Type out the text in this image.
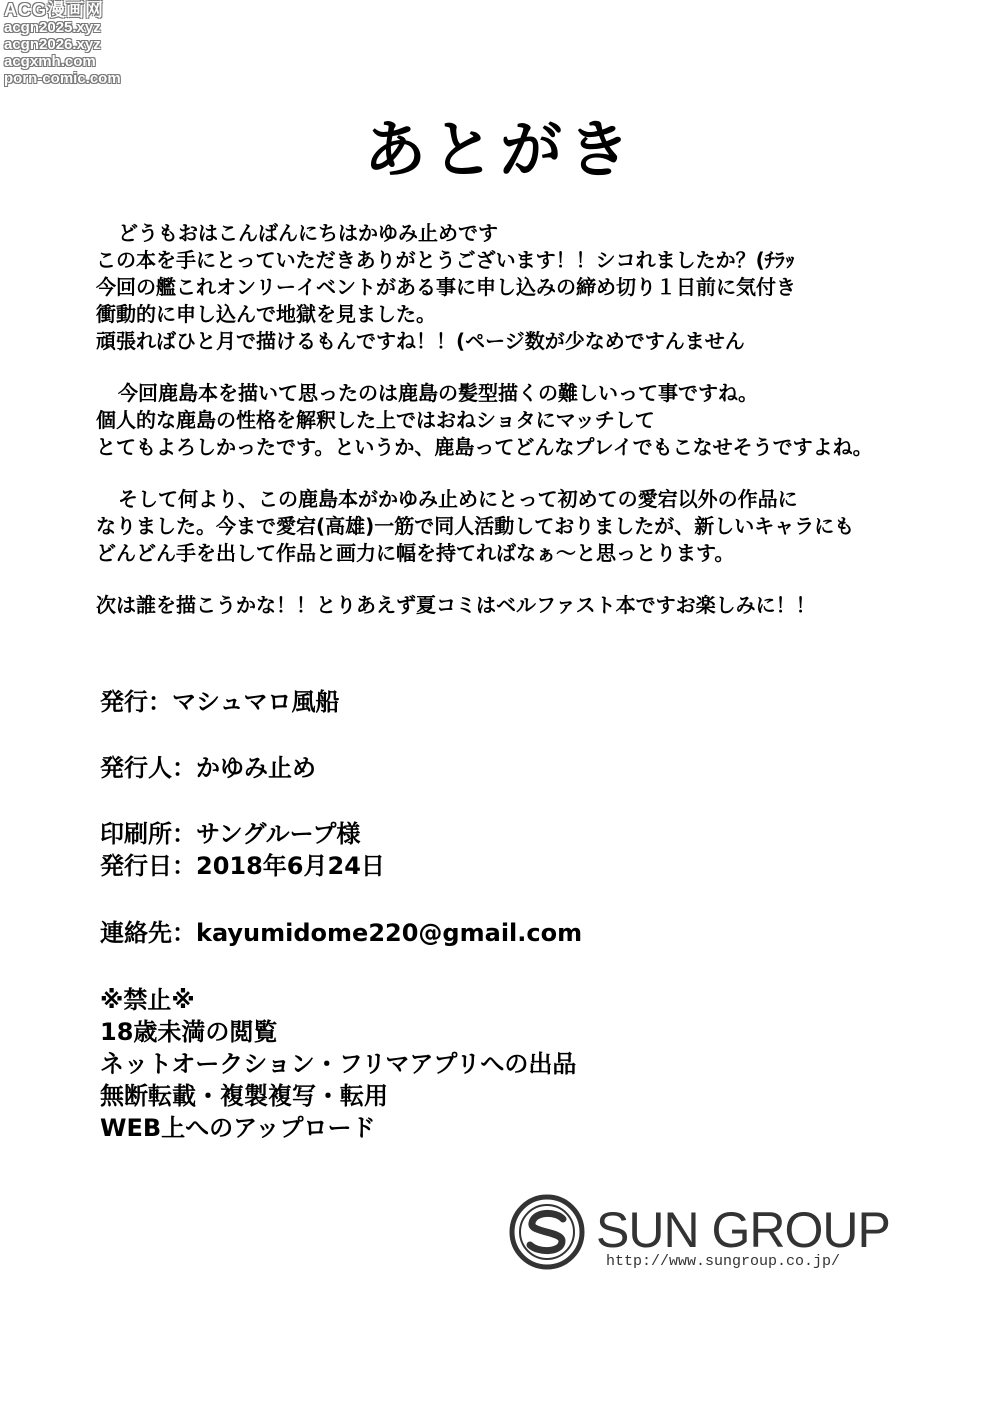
ACG漫画网
acgn2025.xyz
acgn2026.xyz
acgxmh.com
porn-comic.com
あとがき
どうもおはこんばんにちはかゆみ止めです
この本を手にとっていただきありがとうございます！！シコれましたか？(ﾁﾗｯ
今回の艦これオンリーイベントがある事に申し込みの締め切り１日前に気付き
衝動的に申し込んで地獄を見ました。
頑張ればひと月で描けるもんですね！！(ページ数が少なめですんません
今回鹿島本を描いて思ったのは鹿島の髪型描くの難しいって事ですね。
個人的な鹿島の性格を解釈した上ではおねショタにマッチして
とてもよろしかったです。というか、鹿島ってどんなプレイでもこなせそうですよね。
そして何より、この鹿島本がかゆみ止めにとって初めての愛宕以外の作品に
なりました。今まで愛宕(高雄)一筋で同人活動しておりましたが、新しいキャラにも
どんどん手を出して作品と画力に幅を持てればなぁ～と思っとります。
次は誰を描こうかな！！とりあえず夏コミはベルファスト本ですお楽しみに！！
発行：マシュマロ風船
発行人：かゆみ止め
印刷所：サングループ様
発行日：2018年6月24日
連絡先：kayumidome220@gmail.com
※禁止※
18歳未満の閲覧
ネットオークション・フリマアプリへの出品
無断転載・複製複写・転用
WEB上へのアップロード
SUN GROUP
http://www.sungroup.co.jp/
